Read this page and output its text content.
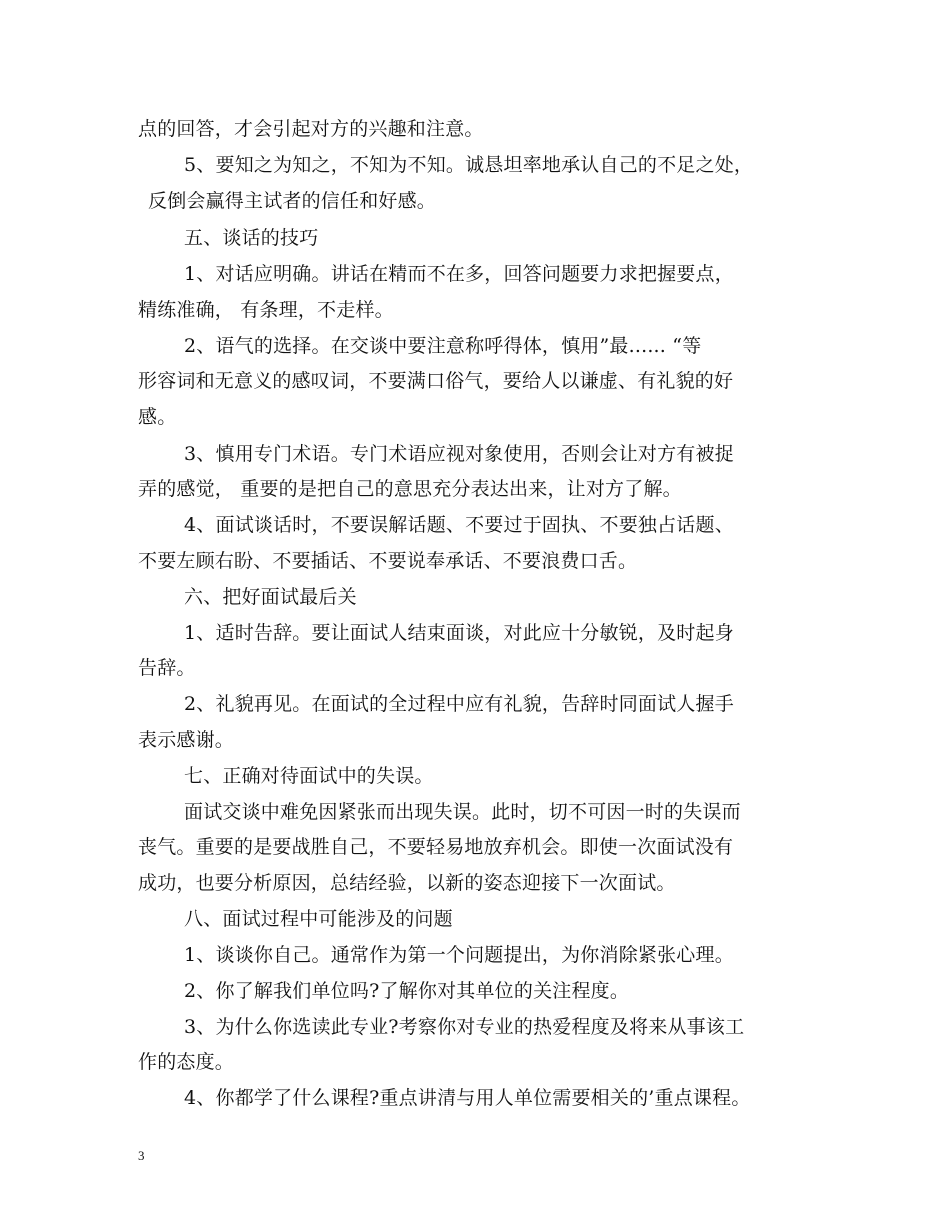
点的回答，才会引起对方的兴趣和注意。
5、要知之为知之，不知为不知。诚恳坦率地承认自己的不足之处，
反倒会赢得主试者的信任和好感。
五、谈话的技巧
1、对话应明确。讲话在精而不在多，回答问题要力求把握要点，
精练准确， 有条理，不走样。
2、语气的选择。在交谈中要注意称呼得体，慎用”最...... “等
形容词和无意义的感叹词，不要满口俗气，要给人以谦虚、有礼貌的好
感。
3、慎用专门术语。专门术语应视对象使用，否则会让对方有被捉
弄的感觉， 重要的是把自己的意思充分表达出来，让对方了解。
4、面试谈话时，不要误解话题、不要过于固执、不要独占话题、
不要左顾右盼、不要插话、不要说奉承话、不要浪费口舌。
六、把好面试最后关
1、适时告辞。要让面试人结束面谈，对此应十分敏锐，及时起身
告辞。
2、礼貌再见。在面试的全过程中应有礼貌，告辞时同面试人握手
表示感谢。
七、正确对待面试中的失误。
面试交谈中难免因紧张而出现失误。此时，切不可因一时的失误而
丧气。重要的是要战胜自己，不要轻易地放弃机会。即使一次面试没有
成功，也要分析原因，总结经验，以新的姿态迎接下一次面试。
八、面试过程中可能涉及的问题
1、谈谈你自己。通常作为第一个问题提出，为你消除紧张心理。
2、你了解我们单位吗?了解你对其单位的关注程度。
3、为什么你选读此专业?考察你对专业的热爱程度及将来从事该工
作的态度。
4、你都学了什么课程?重点讲清与用人单位需要相关的’重点课程。
3
